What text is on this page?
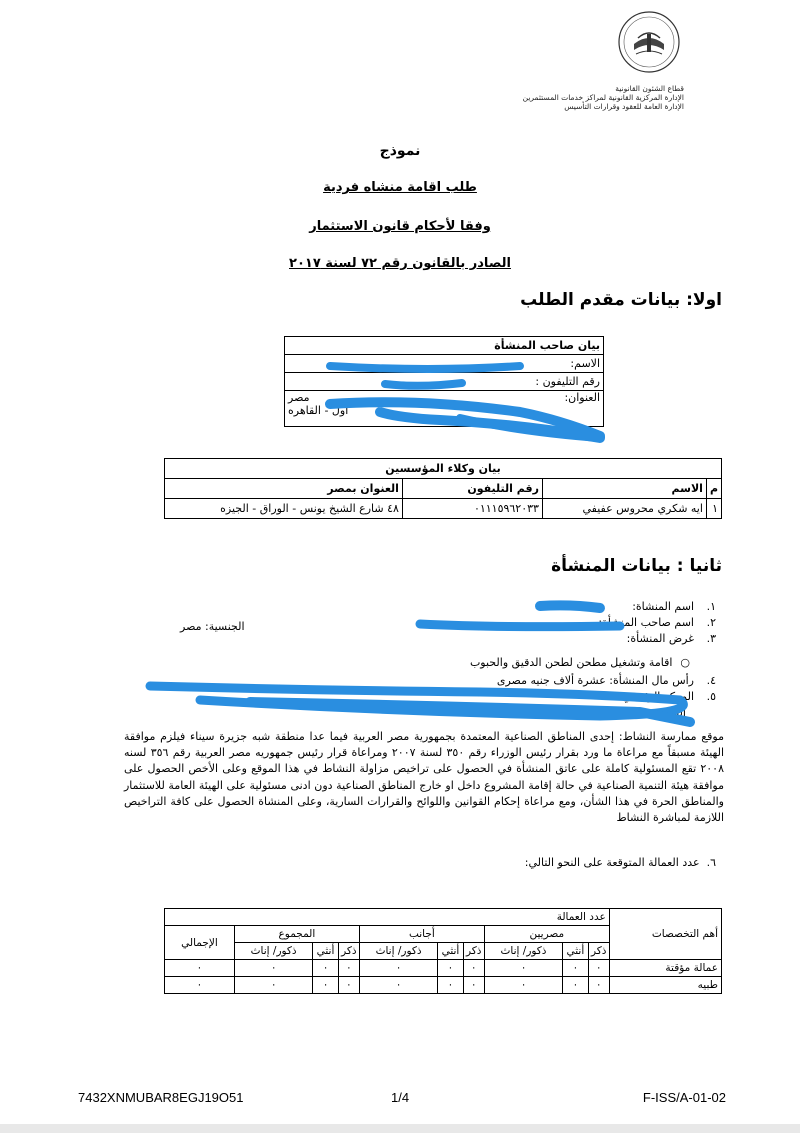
قطاع الشئون القانونية
الإدارة المركزية القانونية لمراكز خدمات المستثمرين
الإدارة العامة للعقود وقرارات التأسيس
نموذج
طلب اقامة منشاه فردية
وفقا لأحكام قانون الاستثمار
الصادر بالقانون رقم ٧٢ لسنة ٢٠١٧
اولا: بيانات مقدم الطلب
بيان صاحب المنشأة
الاسم:
رقم التليفون :

العنوان:
مصر
اول - القاهره
بيان وكلاء المؤسسين			
م	الاسم	رقم التليفون	العنوان بمصر
١	ايه شكري محروس عفيفي	٠١١١٥٩٦٢٠٣٣	٤٨ شارع الشيخ يونس - الوراق - الجيزه
ثانيا : بيانات المنشأة
١.
اسم المنشاة:
٢.
اسم صاحب المنشأة:
٣.
غرض المنشأة:
٤.
رأس مال المنشأة: عشرة ألاف جنيه مصرى
٥.
المركز الرئيسي:
القاهره
الجنسية: مصر
○اقامة وتشغيل مطحن لطحن الدقيق والحبوب
موقع ممارسة النشاط: إحدى المناطق الصناعية المعتمدة بجمهورية مصر العربية فيما عدا منطقة شبه جزيرة سيناء فيلزم موافقة الهيئة مسبقاً مع مراعاة ما ورد بقرار رئيس الوزراء رقم ٣٥٠ لسنة ٢٠٠٧ ومراعاة قرار رئيس جمهوريه مصر العربية رقم ٣٥٦ لسنه ٢٠٠٨ تقع المسئولية كاملة على عاتق المنشأة في الحصول على تراخيص مزاولة النشاط في هذا الموقع وعلى الأخص الحصول على موافقة هيئة التنمية الصناعية في حالة إقامة المشروع داخل او خارج المناطق الصناعية دون ادنى مسئولية على الهيئة العامة للاستثمار والمناطق الحرة في هذا الشأن، ومع مراعاة إحكام القوانين واللوائح والقرارات السارية، وعلى المنشاة الحصول على كافة التراخيص اللازمة لمباشرة النشاط
٦.  عدد العمالة المتوقعة على النحو التالي:
أهم التخصصات	عدد العمالة									
	مصريين			أجانب			المجموع			الإجمالي
	ذكر	أنثي	ذكور/ إناث	ذكر	أنثي	ذكور/ إناث	ذكر	أنثي	ذكور/ إناث	
عمالة مؤقتة	٠	٠	٠	٠	٠	٠	٠	٠	٠	٠
طبيه	٠	٠	٠	٠	٠	٠	٠	٠	٠	٠
7432XNMUBAR8EGJ19O51	1/4	F-ISS/A-01-02
